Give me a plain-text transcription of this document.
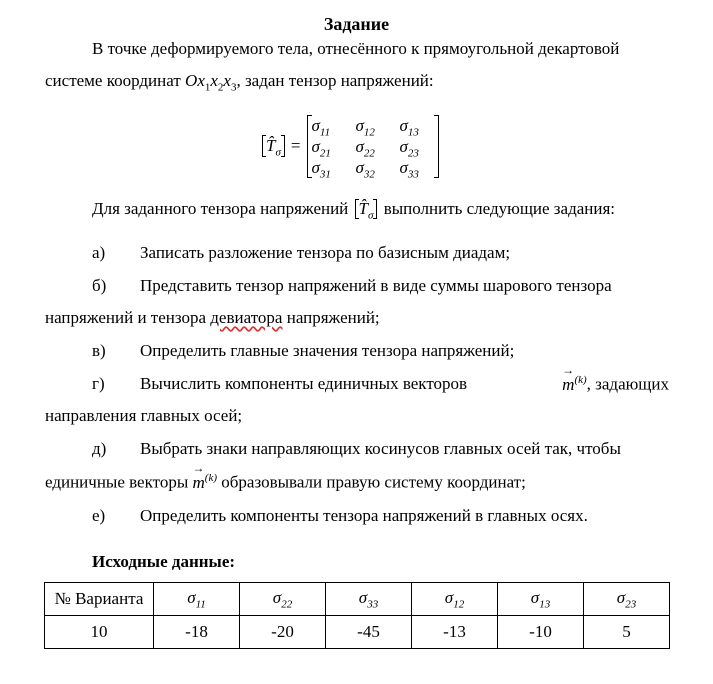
Задание
В точке деформируемого тела, отнесённого к прямоугольной декартовой
системе координат $Ox_1x_2x_3$, задан тензор напряжений:
$T̂_\sigma$ =
$\sigma_{11}$	$\sigma_{12}$	$\sigma_{13}$
$\sigma_{21}$	$\sigma_{22}$	$\sigma_{23}$
$\sigma_{31}$	$\sigma_{32}$	$\sigma_{33}$
Для заданного тензора напряжений $T̂_\sigma$ выполнить следующие задания:
а) Записать разложение тензора по базисным диадам;
б) Представить тензор напряжений в виде суммы шарового тензора
напряжений и тензора девиатора напряжений;
в) Определить главные значения тензора напряжений;
г) Вычислить компоненты единичных векторов	→ $m^{(k)}$, задающих
направления главных осей;
д) Выбрать знаки направляющих косинусов главных осей так, чтобы
единичные векторы → $m^{(k)}$ образовывали правую систему координат;
е) Определить компоненты тензора напряжений в главных осях.
Исходные данные:
№ Варианта	$\sigma_{11}$	$\sigma_{22}$	$\sigma_{33}$	$\sigma_{12}$	$\sigma_{13}$	$\sigma_{23}$
10	-18	-20	-45	-13	-10	5
